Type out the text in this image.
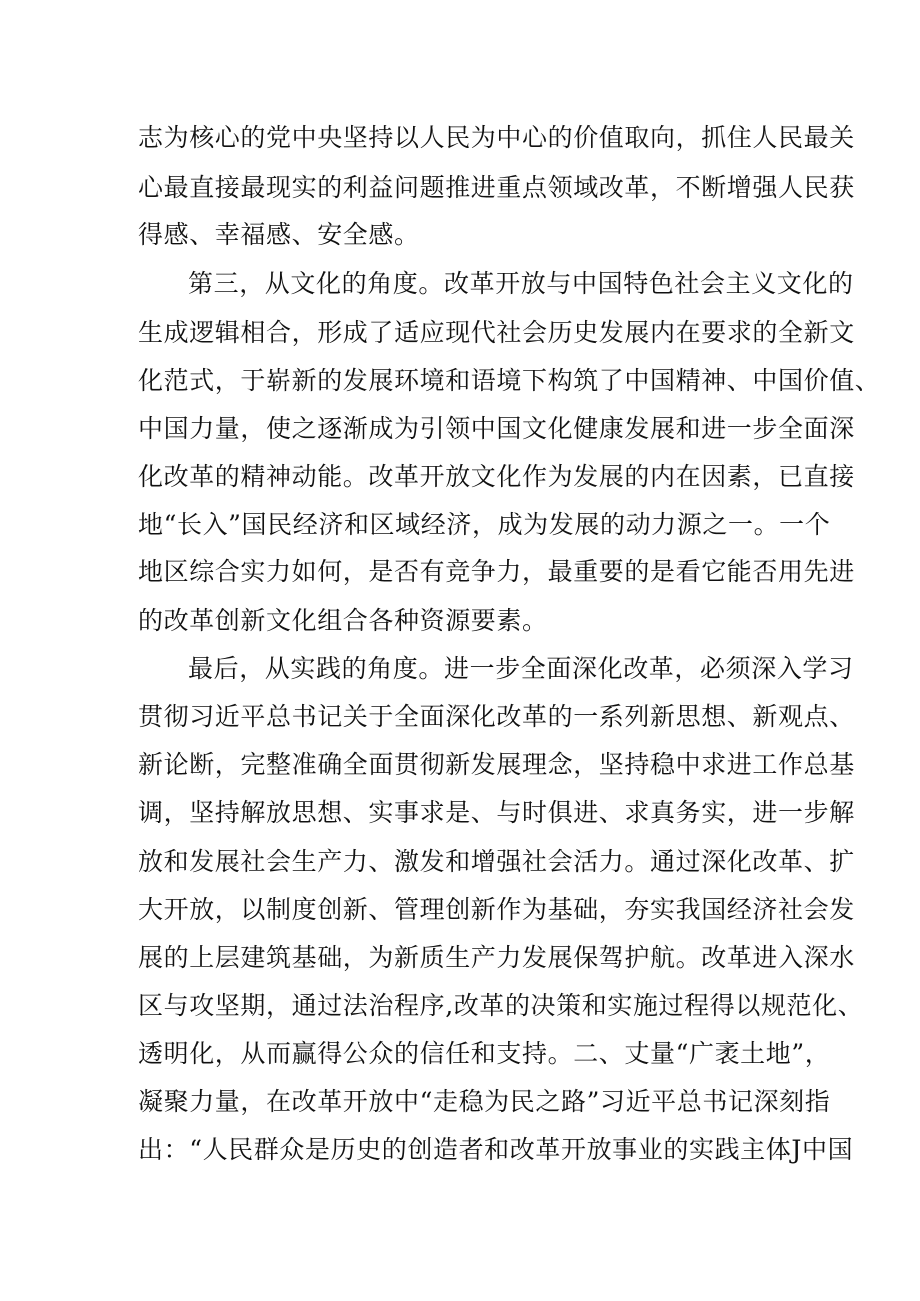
志为核心的党中央坚持以人民为中心的价值取向，抓住人民最关
心最直接最现实的利益问题推进重点领域改革，不断增强人民获
得感、幸福感、安全感。
第三，从文化的角度。改革开放与中国特色社会主义文化的
生成逻辑相合，形成了适应现代社会历史发展内在要求的全新文
化范式，于崭新的发展环境和语境下构筑了中国精神、中国价值、
中国力量，使之逐渐成为引领中国文化健康发展和进一步全面深
化改革的精神动能。改革开放文化作为发展的内在因素，已直接
地“长入”国民经济和区域经济，成为发展的动力源之一。一个
地区综合实力如何，是否有竞争力，最重要的是看它能否用先进
的改革创新文化组合各种资源要素。
最后，从实践的角度。进一步全面深化改革，必须深入学习
贯彻习近平总书记关于全面深化改革的一系列新思想、新观点、
新论断，完整准确全面贯彻新发展理念，坚持稳中求进工作总基
调，坚持解放思想、实事求是、与时俱进、求真务实，进一步解
放和发展社会生产力、激发和增强社会活力。通过深化改革、扩
大开放，以制度创新、管理创新作为基础，夯实我国经济社会发
展的上层建筑基础，为新质生产力发展保驾护航。改革进入深水
区与攻坚期，通过法治程序,改革的决策和实施过程得以规范化、
透明化，从而赢得公众的信任和支持。二、丈量“广袤土地”，
凝聚力量，在改革开放中“走稳为民之路”习近平总书记深刻指
出：“人民群众是历史的创造者和改革开放事业的实践主体J中国
